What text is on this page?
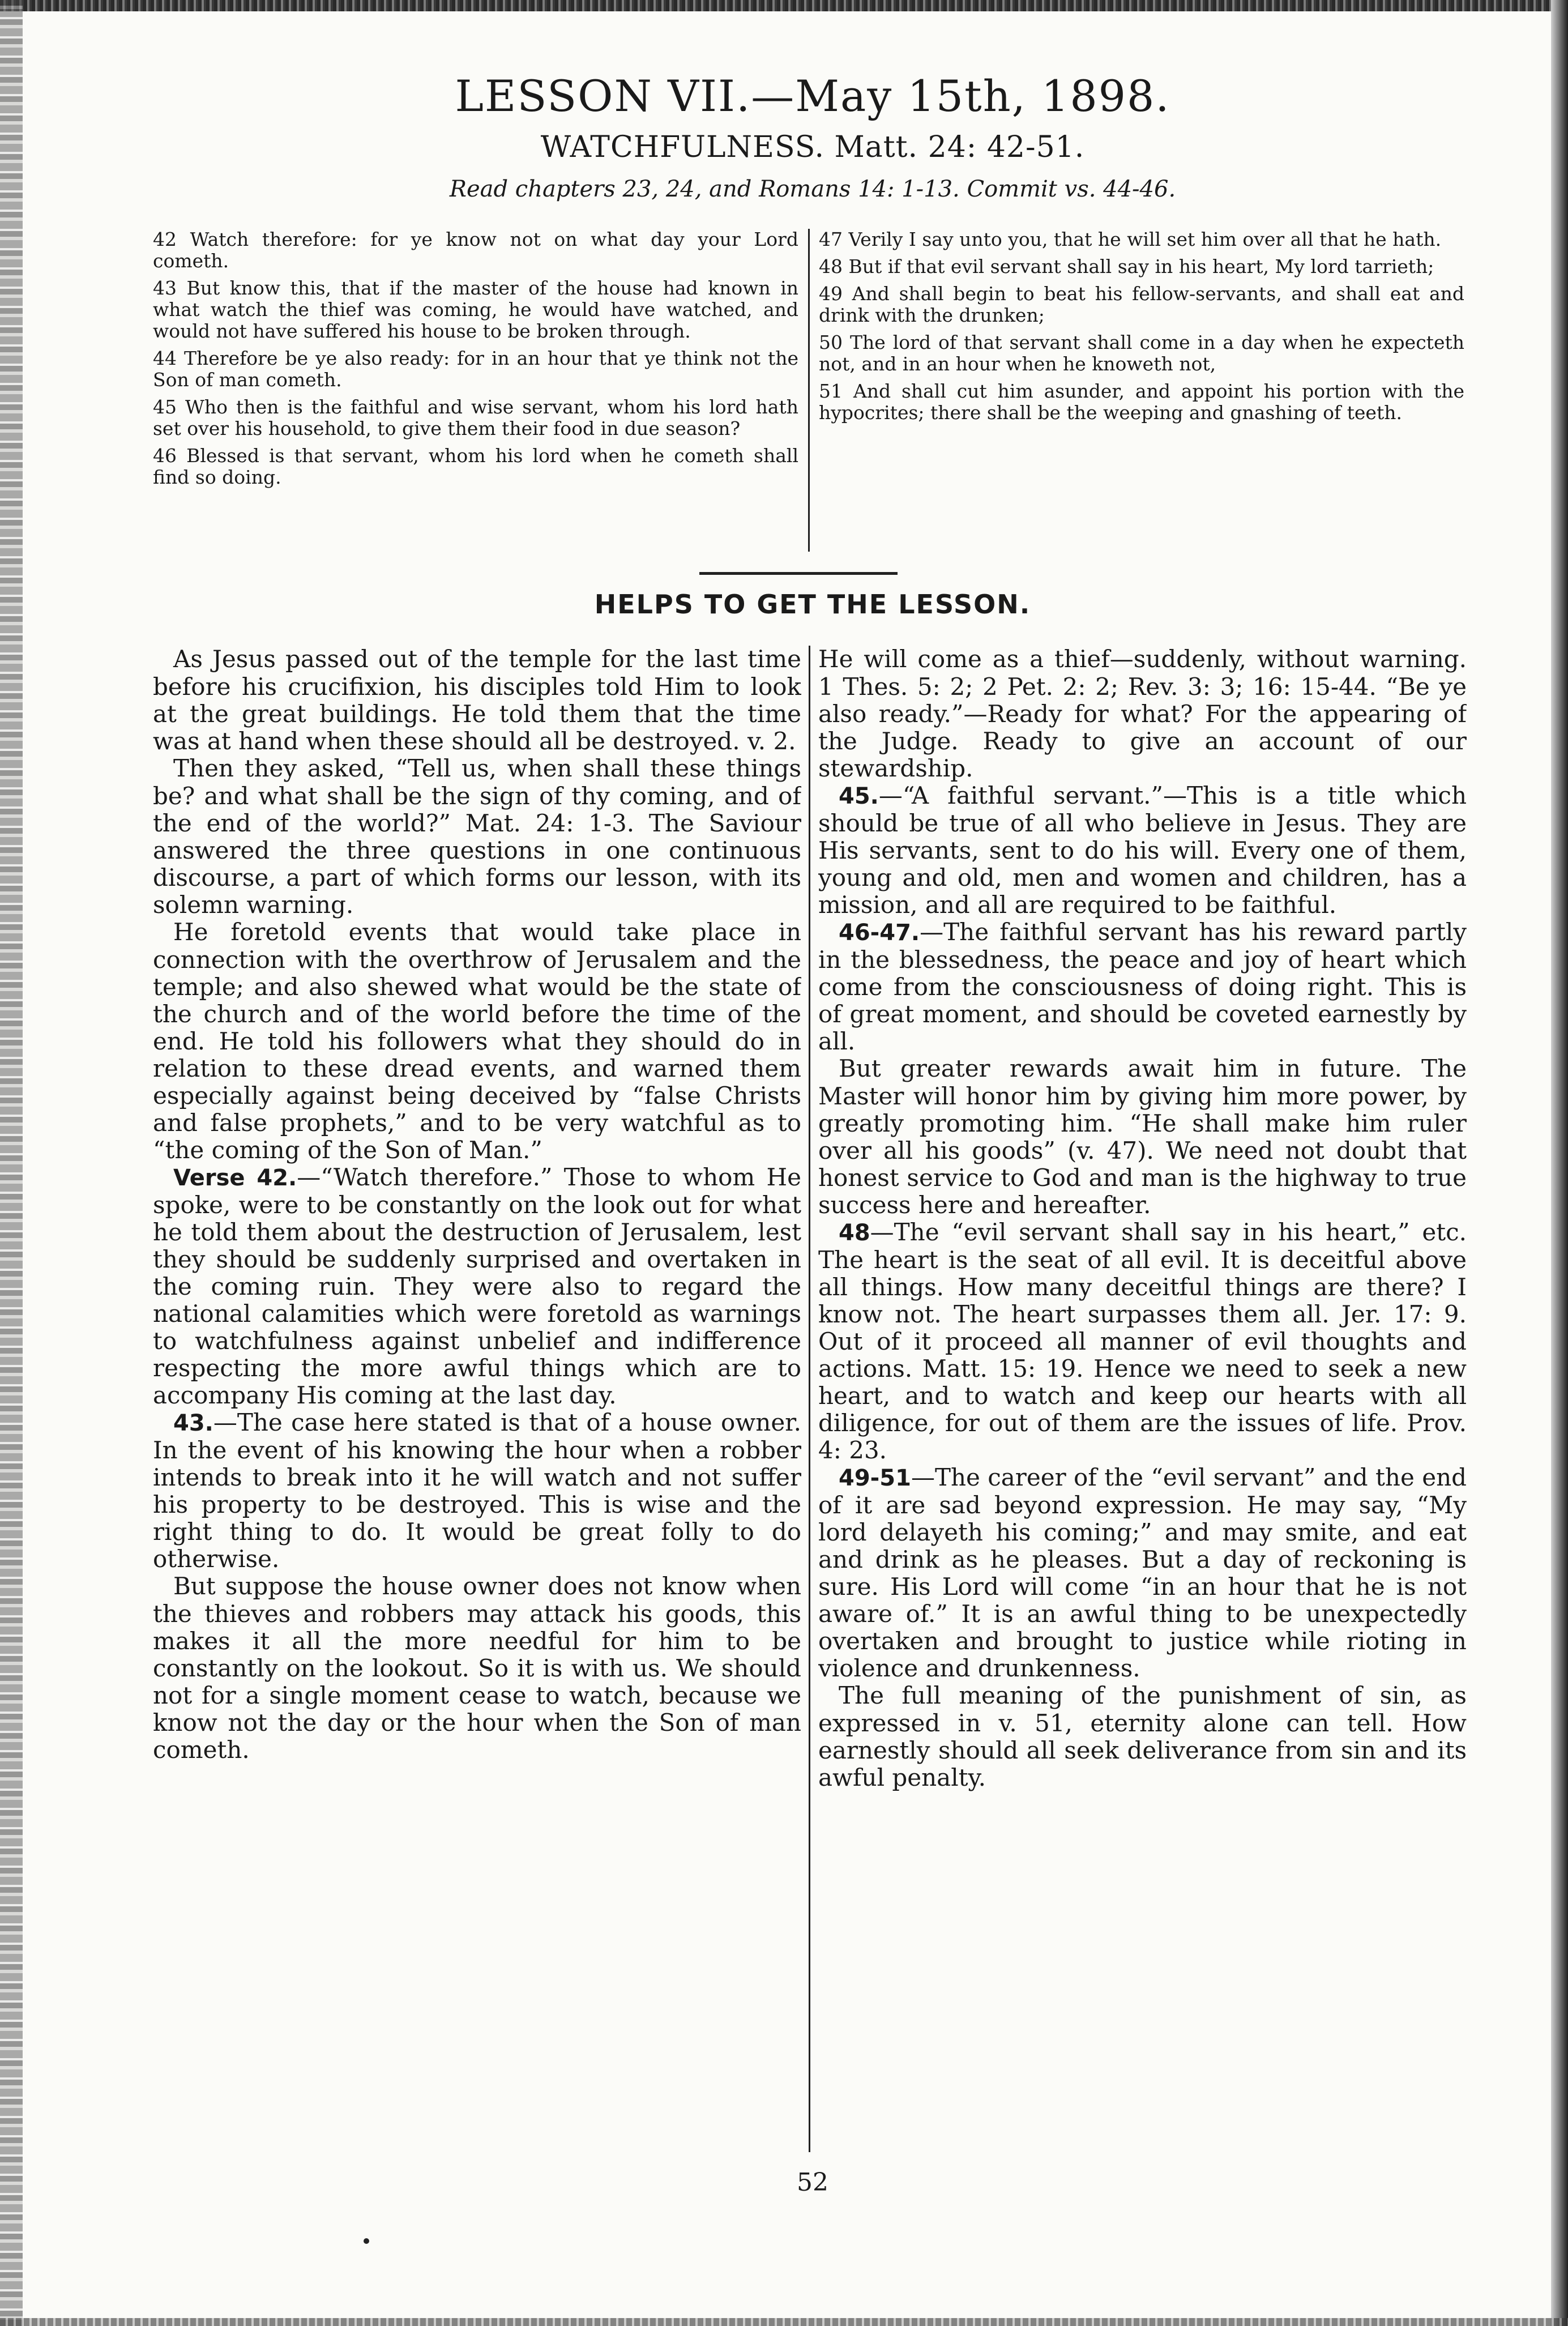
LESSON VII.—May 15th, 1898.
WATCHFULNESS. Matt. 24: 42-51.
Read chapters 23, 24, and Romans 14: 1-13. Commit vs. 44-46.

42 Watch therefore: for ye know not on what day your Lord cometh.

43 But know this, that if the master of the house had known in what watch the thief was coming, he would have watched, and would not have suffered his house to be broken through.

44 Therefore be ye also ready: for in an hour that ye think not the Son of man cometh.

45 Who then is the faithful and wise servant, whom his lord hath set over his household, to give them their food in due season?

46 Blessed is that servant, whom his lord when he cometh shall find so doing.

47 Verily I say unto you, that he will set him over all that he hath.

48 But if that evil servant shall say in his heart, My lord tarrieth;

49 And shall begin to beat his fellow-servants, and shall eat and drink with the drunken;

50 The lord of that servant shall come in a day when he expecteth not, and in an hour when he knoweth not,

51 And shall cut him asunder, and appoint his portion with the hypocrites; there shall be the weeping and gnashing of teeth.

HELPS TO GET THE LESSON.

As Jesus passed out of the temple for the last time before his crucifixion, his disciples told Him to look at the great buildings. He told them that the time was at hand when these should all be destroyed. v. 2.

Then they asked, “Tell us, when shall these things be? and what shall be the sign of thy coming, and of the end of the world?” Mat. 24: 1-3. The Saviour answered the three questions in one continuous discourse, a part of which forms our lesson, with its solemn warning.

He foretold events that would take place in connection with the overthrow of Jerusalem and the temple; and also shewed what would be the state of the church and of the world before the time of the end. He told his followers what they should do in relation to these dread events, and warned them especially against being deceived by “false Christs and false prophets,” and to be very watchful as to “the coming of the Son of Man.”

Verse 42.—“Watch therefore.” Those to whom He spoke, were to be constantly on the look out for what he told them about the destruction of Jerusalem, lest they should be suddenly surprised and overtaken in the coming ruin. They were also to regard the national calamities which were foretold as warnings to watchfulness against unbelief and indifference respecting the more awful things which are to accompany His coming at the last day.

43.—The case here stated is that of a house owner. In the event of his knowing the hour when a robber intends to break into it he will watch and not suffer his property to be destroyed. This is wise and the right thing to do. It would be great folly to do otherwise.

But suppose the house owner does not know when the thieves and robbers may attack his goods, this makes it all the more needful for him to be constantly on the lookout. So it is with us. We should not for a single moment cease to watch, because we know not the day or the hour when the Son of man cometh.

He will come as a thief—suddenly, without warning. 1 Thes. 5: 2; 2 Pet. 2: 2; Rev. 3: 3; 16: 15-44. “Be ye also ready.”—Ready for what? For the appearing of the Judge. Ready to give an account of our stewardship.

45.—“A faithful servant.”—This is a title which should be true of all who believe in Jesus. They are His servants, sent to do his will. Every one of them, young and old, men and women and children, has a mission, and all are required to be faithful.

46-47.—The faithful servant has his reward partly in the blessedness, the peace and joy of heart which come from the consciousness of doing right. This is of great moment, and should be coveted earnestly by all.

But greater rewards await him in future. The Master will honor him by giving him more power, by greatly promoting him. “He shall make him ruler over all his goods” (v. 47). We need not doubt that honest service to God and man is the highway to true success here and hereafter.

48—The “evil servant shall say in his heart,” etc. The heart is the seat of all evil. It is deceitful above all things. How many deceitful things are there? I know not. The heart surpasses them all. Jer. 17: 9. Out of it proceed all manner of evil thoughts and actions. Matt. 15: 19. Hence we need to seek a new heart, and to watch and keep our hearts with all diligence, for out of them are the issues of life. Prov. 4: 23.

49-51—The career of the “evil servant” and the end of it are sad beyond expression. He may say, “My lord delayeth his coming;” and may smite, and eat and drink as he pleases. But a day of reckoning is sure. His Lord will come “in an hour that he is not aware of.” It is an awful thing to be unexpectedly overtaken and brought to justice while rioting in violence and drunkenness.

The full meaning of the punishment of sin, as expressed in v. 51, eternity alone can tell. How earnestly should all seek deliverance from sin and its awful penalty.

52
